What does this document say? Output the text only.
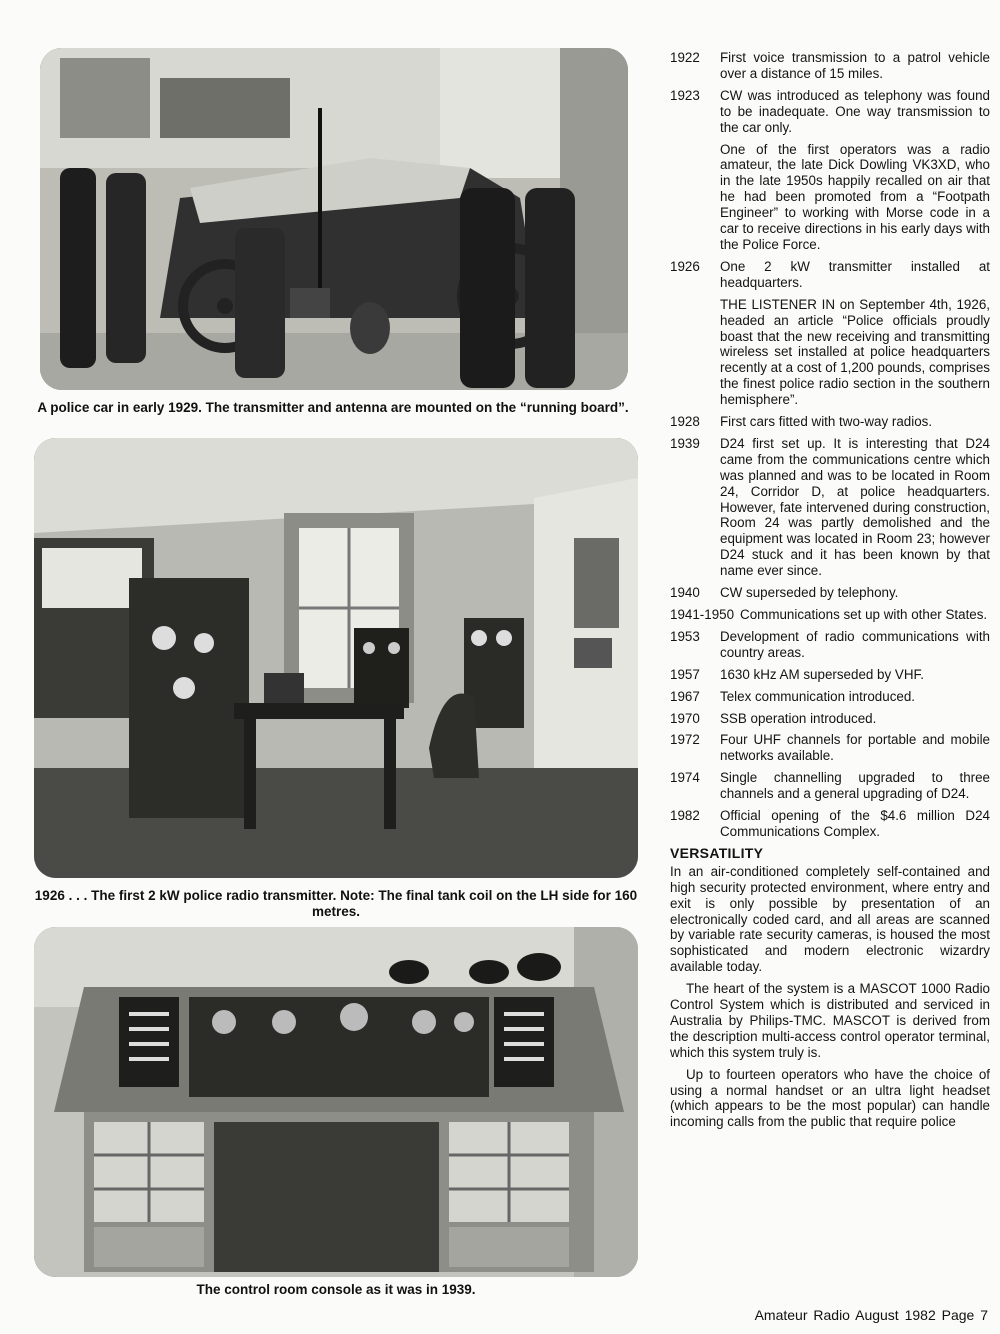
A police car in early 1929. The transmitter and antenna are mounted on the “running board”.
1926 . . . The first 2 kW police radio transmitter. Note: The final tank coil on the LH side for 160 metres.
The control room console as it was in 1939.
1922	First voice transmission to a patrol vehicle over a distance of 15 miles.
1923	CW was introduced as telephony was found to be inadequate. One way transmission to the car only.
One of the first operators was a radio amateur, the late Dick Dowling VK3XD, who in the late 1950s happily recalled on air that he had been promoted from a “Footpath Engineer” to working with Morse code in a car to receive directions in his early days with the Police Force.
1926	One 2 kW transmitter installed at headquarters.
THE LISTENER IN on September 4th, 1926, headed an article “Police officials proudly boast that the new receiving and transmitting wireless set installed at police headquarters recently at a cost of 1,200 pounds, comprises the finest police radio section in the southern hemisphere”.
1928	First cars fitted with two-way radios.
1939	D24 first set up. It is interesting that D24 came from the communications centre which was planned and was to be located in Room 24, Corridor D, at police headquarters. However, fate intervened during construction, Room 24 was partly demolished and the equipment was located in Room 23; however D24 stuck and it has been known by that name ever since.
1940	CW superseded by telephony.
1941-1950 Communications set up with other States.
1953	Development of radio communications with country areas.
1957	1630 kHz AM superseded by VHF.
1967	Telex communication introduced.
1970	SSB operation introduced.
1972	Four UHF channels for portable and mobile networks available.
1974	Single channelling upgraded to three channels and a general upgrading of D24.
1982	Official opening of the $4.6 million D24 Communications Complex.
VERSATILITY
In an air-conditioned completely self-contained and high security protected environment, where entry and exit is only possible by presentation of an electronically coded card, and all areas are scanned by variable rate security cameras, is housed the most sophisticated and modern electronic wizardry available today.
The heart of the system is a MASCOT 1000 Radio Control System which is distributed and serviced in Australia by Philips-TMC. MASCOT is derived from the description multi-access control operator terminal, which this system truly is.
Up to fourteen operators who have the choice of using a normal handset or an ultra light headset (which appears to be the most popular) can handle incoming calls from the public that require police
Amateur Radio August 1982 Page 7
